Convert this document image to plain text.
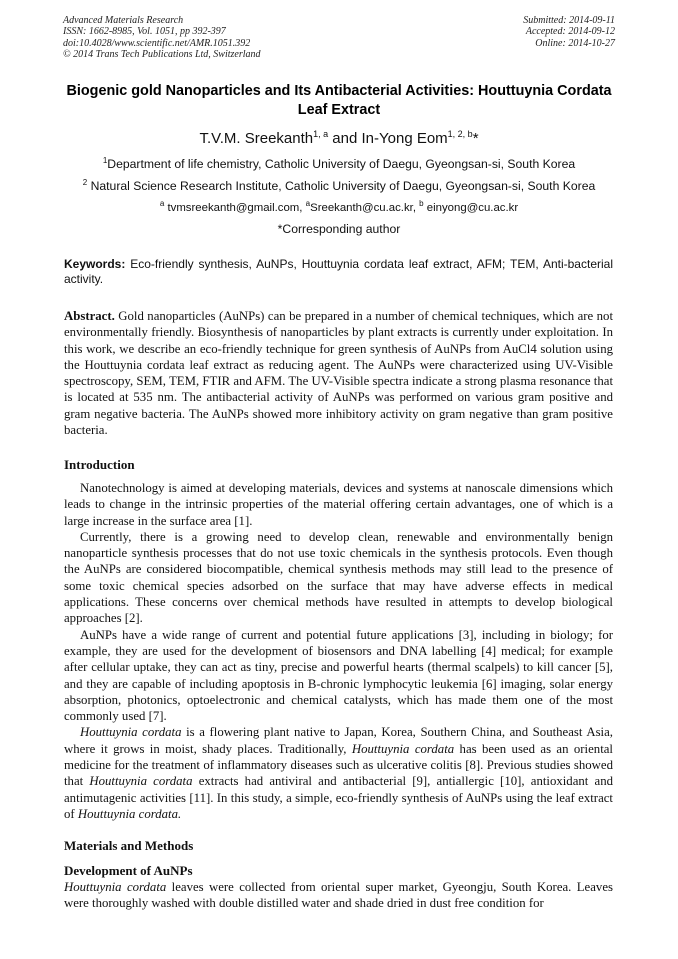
Advanced Materials Research
ISSN: 1662-8985, Vol. 1051, pp 392-397
doi:10.4028/www.scientific.net/AMR.1051.392
© 2014 Trans Tech Publications Ltd, Switzerland
Submitted: 2014-09-11
Accepted: 2014-09-12
Online: 2014-10-27
Biogenic gold Nanoparticles and Its Antibacterial Activities: Houttuynia Cordata Leaf Extract
T.V.M. Sreekanth$^{1, a}$ and In-Yong Eom$^{1, 2, b}$*
$^1$Department of life chemistry, Catholic University of Daegu, Gyeongsan-si, South Korea
$^2$ Natural Science Research Institute, Catholic University of Daegu, Gyeongsan-si, South Korea
$^a$ tvmsreekanth@gmail.com, $^a$Sreekanth@cu.ac.kr, $^b$ einyong@cu.ac.kr
*Corresponding author
Keywords: Eco-friendly synthesis, AuNPs, Houttuynia cordata leaf extract, AFM; TEM, Anti-bacterial activity.
Abstract. Gold nanoparticles (AuNPs) can be prepared in a number of chemical techniques, which are not environmentally friendly. Biosynthesis of nanoparticles by plant extracts is currently under exploitation. In this work, we describe an eco-friendly technique for green synthesis of AuNPs from AuCl4 solution using the Houttuynia cordata leaf extract as reducing agent. The AuNPs were characterized using UV-Visible spectroscopy, SEM, TEM, FTIR and AFM. The UV-Visible spectra indicate a strong plasma resonance that is located at 535 nm. The antibacterial activity of AuNPs was performed on various gram positive and gram negative bacteria. The AuNPs showed more inhibitory activity on gram negative than gram positive bacteria.
Introduction

Nanotechnology is aimed at developing materials, devices and systems at nanoscale dimensions which leads to change in the intrinsic properties of the material offering certain advantages, one of which is a large increase in the surface area [1].

Currently, there is a growing need to develop clean, renewable and environmentally benign nanoparticle synthesis processes that do not use toxic chemicals in the synthesis protocols. Even though the AuNPs are considered biocompatible, chemical synthesis methods may still lead to the presence of some toxic chemical species adsorbed on the surface that may have adverse effects in medical applications. These concerns over chemical methods have resulted in attempts to develop biological approaches [2].

AuNPs have a wide range of current and potential future applications [3], including in biology; for example, they are used for the development of biosensors and DNA labelling [4] medical; for example after cellular uptake, they can act as tiny, precise and powerful hearts (thermal scalpels) to kill cancer [5], and they are capable of including apoptosis in B-chronic lymphocytic leukemia [6] imaging, solar energy absorption, photonics, optoelectronic and chemical catalysts, which has made them one of the most commonly used [7].

Houttuynia cordata is a flowering plant native to Japan, Korea, Southern China, and Southeast Asia, where it grows in moist, shady places. Traditionally, Houttuynia cordata has been used as an oriental medicine for the treatment of inflammatory diseases such as ulcerative colitis [8]. Previous studies showed that Houttuynia cordata extracts had antiviral and antibacterial [9], antiallergic [10], antioxidant and antimutagenic activities [11]. In this study, a simple, eco-friendly synthesis of AuNPs using the leaf extract of Houttuynia cordata.

Materials and Methods
Development of AuNPs

Houttuynia cordata leaves were collected from oriental super market, Gyeongju, South Korea. Leaves were thoroughly washed with double distilled water and shade dried in dust free condition for
